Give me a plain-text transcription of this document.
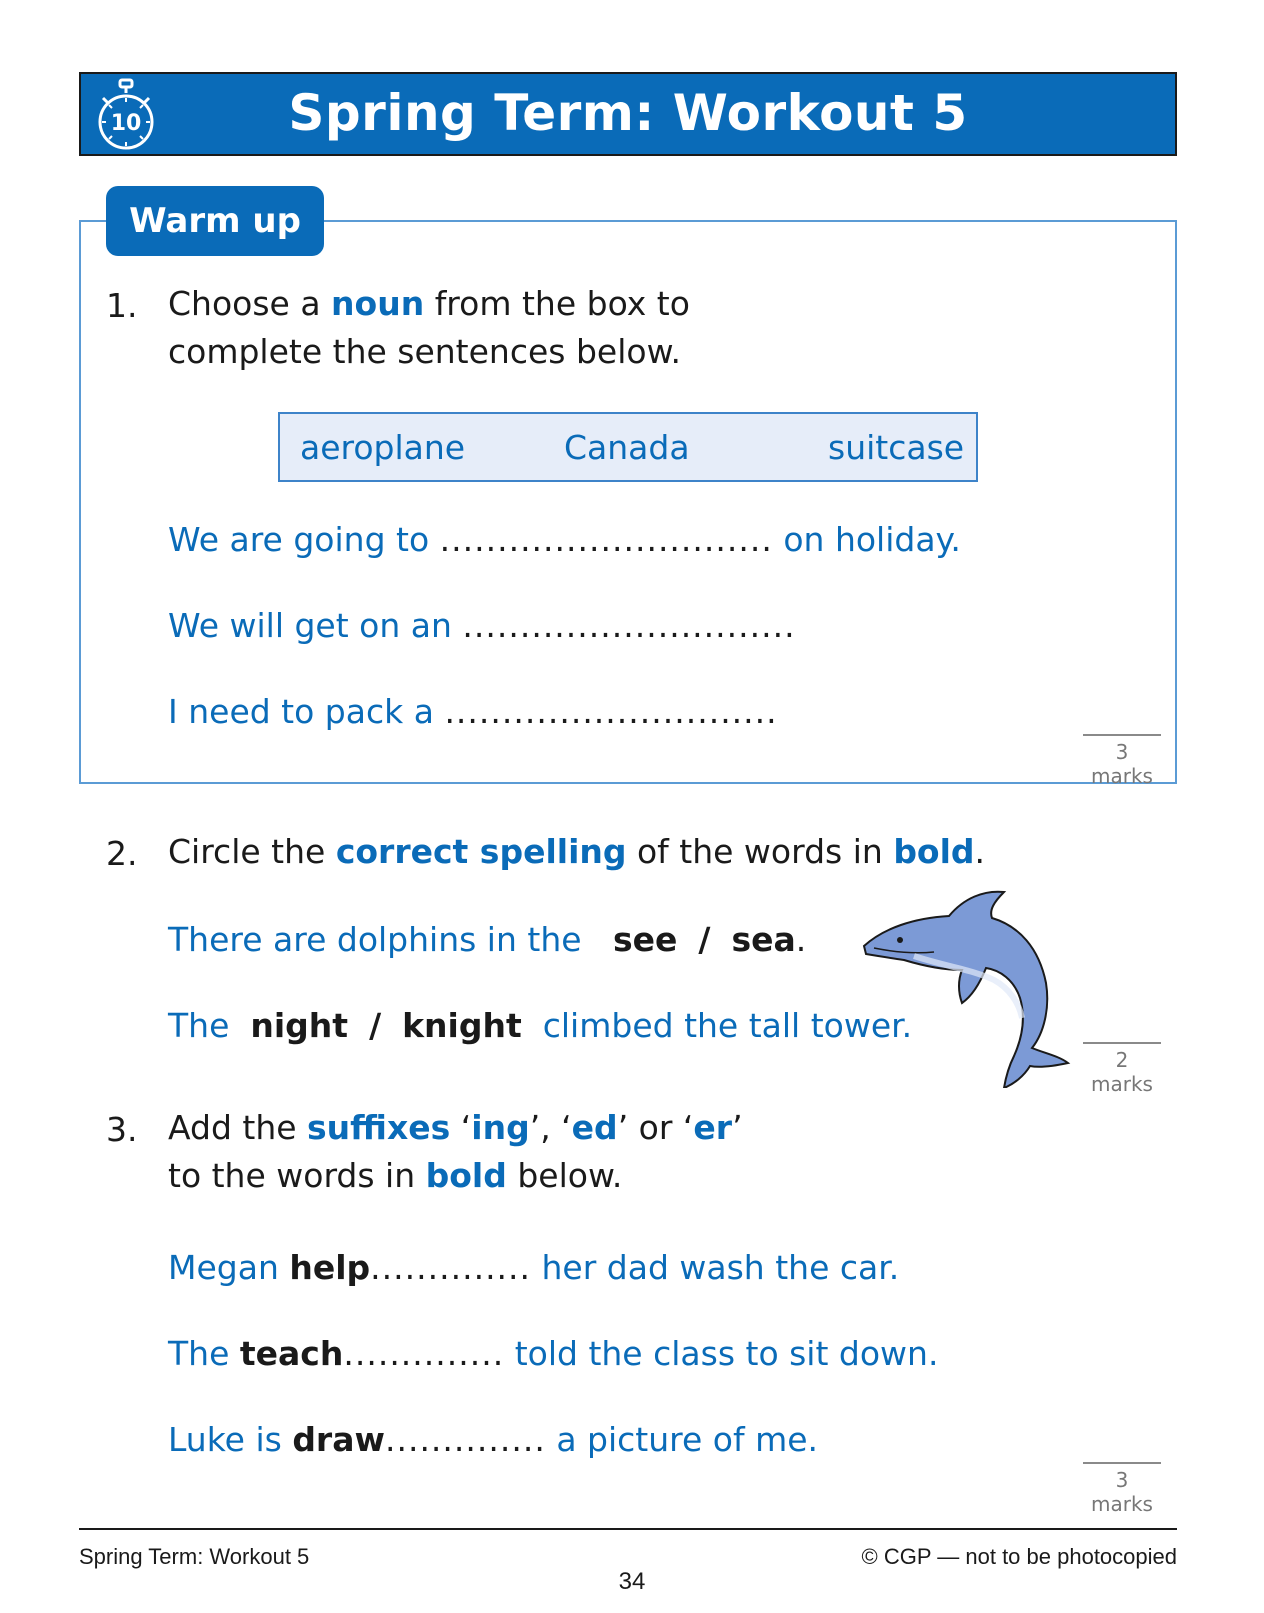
10	Spring Term: Workout 5
Warm up
1. Choose a noun from the box to
complete the sentences below.
aeroplane	Canada	suitcase
We are going to ............................. on holiday.
We will get on an .............................
I need to pack a .............................
3 marks
2. Circle the correct spelling of the words in bold.
There are dolphins in the see / sea.
The night / knight climbed the tall tower.
2 marks
3. Add the suffixes ‘ing’, ‘ed’ or ‘er’
to the words in bold below.
Megan help.............. her dad wash the car.
The teach.............. told the class to sit down.
Luke is draw.............. a picture of me.
3 marks
Spring Term: Workout 5
34
© CGP — not to be photocopied
